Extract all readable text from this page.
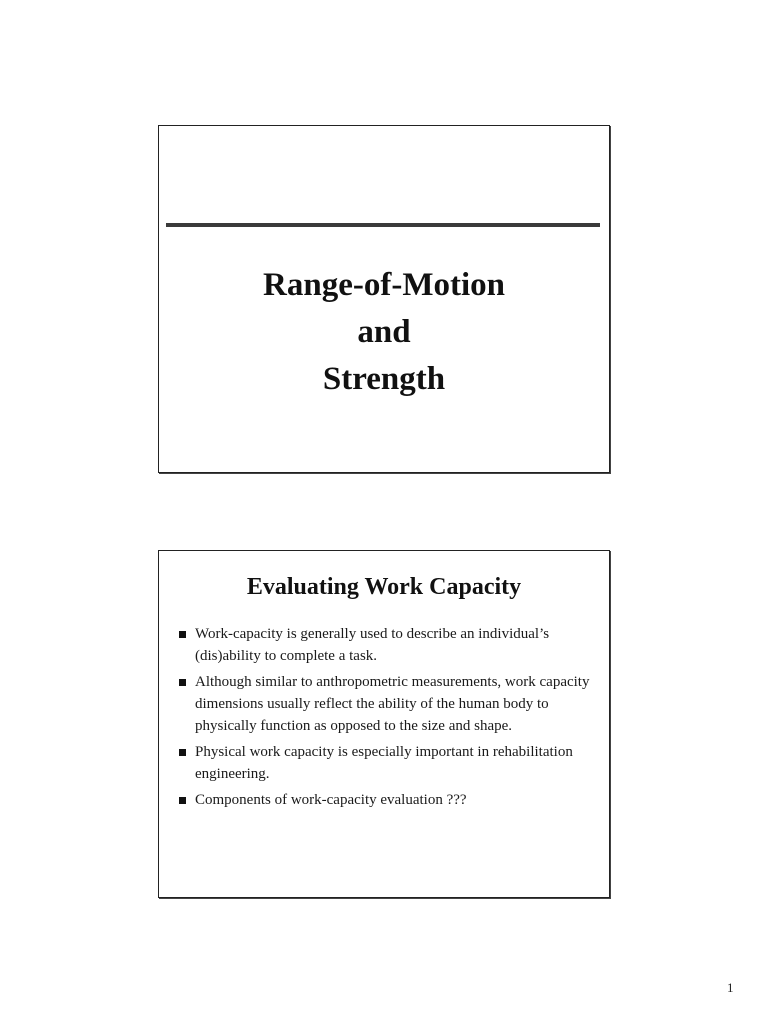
Range-of-Motion
and
Strength
Evaluating Work Capacity
Work-capacity is generally used to describe an individual’s (dis)ability to complete a task.
Although similar to anthropometric measurements, work capacity dimensions usually reflect the ability of the human body to physically function as opposed to the size and shape.
Physical work capacity is especially important in rehabilitation engineering.
Components of work-capacity evaluation ???
1
